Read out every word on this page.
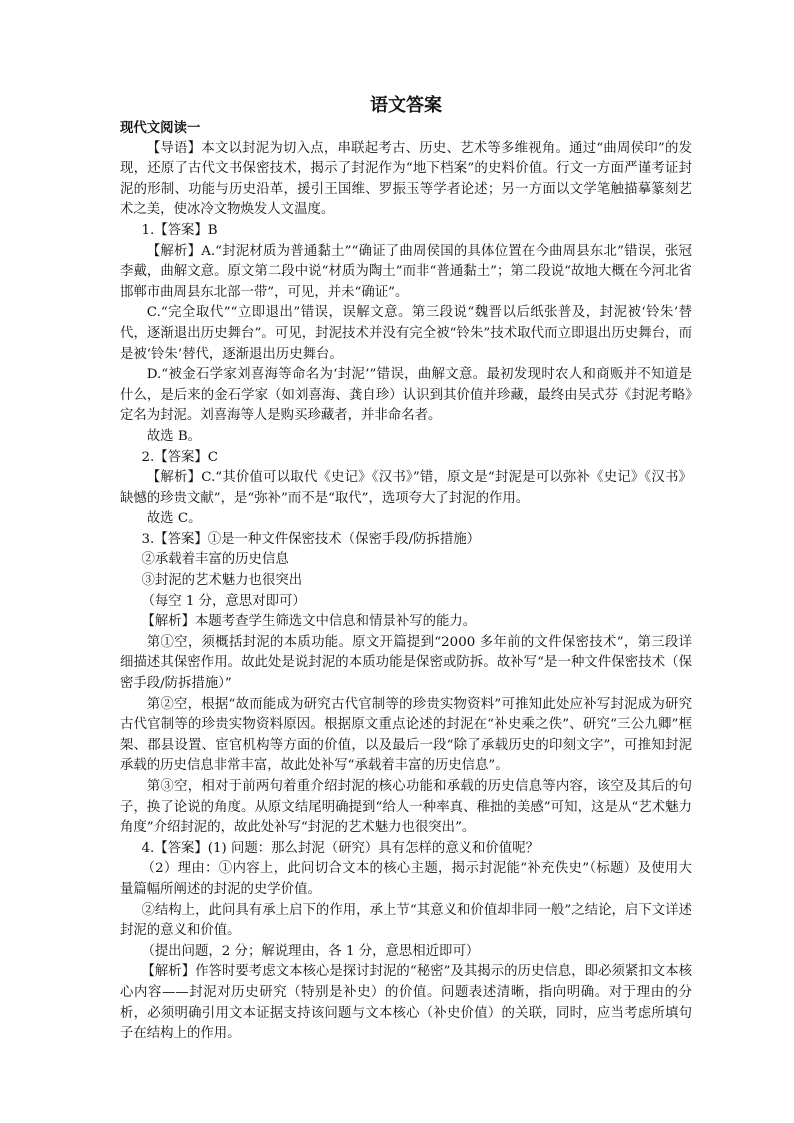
语文答案
现代文阅读一

【导语】本文以封泥为切入点，串联起考古、历史、艺术等多维视角。通过“曲周侯印”的发现，还原了古代文书保密技术，揭示了封泥作为“地下档案”的史料价值。行文一方面严谨考证封泥的形制、功能与历史沿革，援引王国维、罗振玉等学者论述；另一方面以文学笔触描摹篆刻艺术之美，使冰冷文物焕发人文温度。

1.【答案】B

【解析】A.“封泥材质为普通黏土”“确证了曲周侯国的具体位置在今曲周县东北”错误，张冠李戴，曲解文意。原文第二段中说“材质为陶土”而非“普通黏土”；第二段说“故地大概在今河北省邯郸市曲周县东北部一带”，可见，并未“确证”。

C.“完全取代”“立即退出”错误，误解文意。第三段说“魏晋以后纸张普及，封泥被‘铃朱’替代，逐渐退出历史舞台”。可见，封泥技术并没有完全被“铃朱”技术取代而立即退出历史舞台，而是被‘铃朱’替代，逐渐退出历史舞台。

D.“被金石学家刘喜海等命名为‘封泥’”错误，曲解文意。最初发现时农人和商贩并不知道是什么，是后来的金石学家（如刘喜海、龚自珍）认识到其价值并珍藏，最终由吴式芬《封泥考略》定名为封泥。刘喜海等人是购买珍藏者，并非命名者。

故选 B。

2.【答案】C

【解析】C.“其价值可以取代《史记》《汉书》”错，原文是“封泥是可以弥补《史记》《汉书》缺憾的珍贵文献”，是“弥补”而不是“取代”，选项夸大了封泥的作用。

故选 C。

3.【答案】①是一种文件保密技术（保密手段/防拆措施）

②承载着丰富的历史信息

③封泥的艺术魅力也很突出

（每空 1 分，意思对即可）

【解析】本题考查学生筛选文中信息和情景补写的能力。

第①空，须概括封泥的本质功能。原文开篇提到“2000 多年前的文件保密技术”，第三段详细描述其保密作用。故此处是说封泥的本质功能是保密或防拆。故补写“是一种文件保密技术（保密手段/防拆措施）”

第②空，根据“故而能成为研究古代官制等的珍贵实物资料”可推知此处应补写封泥成为研究古代官制等的珍贵实物资料原因。根据原文重点论述的封泥在“补史乘之佚”、研究“三公九卿”框架、郡县设置、宦官机构等方面的价值，以及最后一段“除了承载历史的印刻文字”，可推知封泥承载的历史信息非常丰富，故此处补写“承载着丰富的历史信息”。

第③空，相对于前两句着重介绍封泥的核心功能和承载的历史信息等内容，该空及其后的句子，换了论说的角度。从原文结尾明确提到“给人一种率真、稚拙的美感”可知，这是从“艺术魅力角度”介绍封泥的，故此处补写“封泥的艺术魅力也很突出”。

4.【答案】(1) 问题：那么封泥（研究）具有怎样的意义和价值呢？

（2）理由：①内容上，此问切合文本的核心主题，揭示封泥能“补充佚史”（标题）及使用大量篇幅所阐述的封泥的史学价值。

②结构上，此问具有承上启下的作用，承上节“其意义和价值却非同一般”之结论，启下文详述封泥的意义和价值。

（提出问题，2 分；解说理由，各 1 分，意思相近即可）

【解析】作答时要考虑文本核心是探讨封泥的“秘密”及其揭示的历史信息，即必须紧扣文本核心内容——封泥对历史研究（特别是补史）的价值。问题表述清晰，指向明确。对于理由的分析，必须明确引用文本证据支持该问题与文本核心（补史价值）的关联，同时，应当考虑所填句子在结构上的作用。
